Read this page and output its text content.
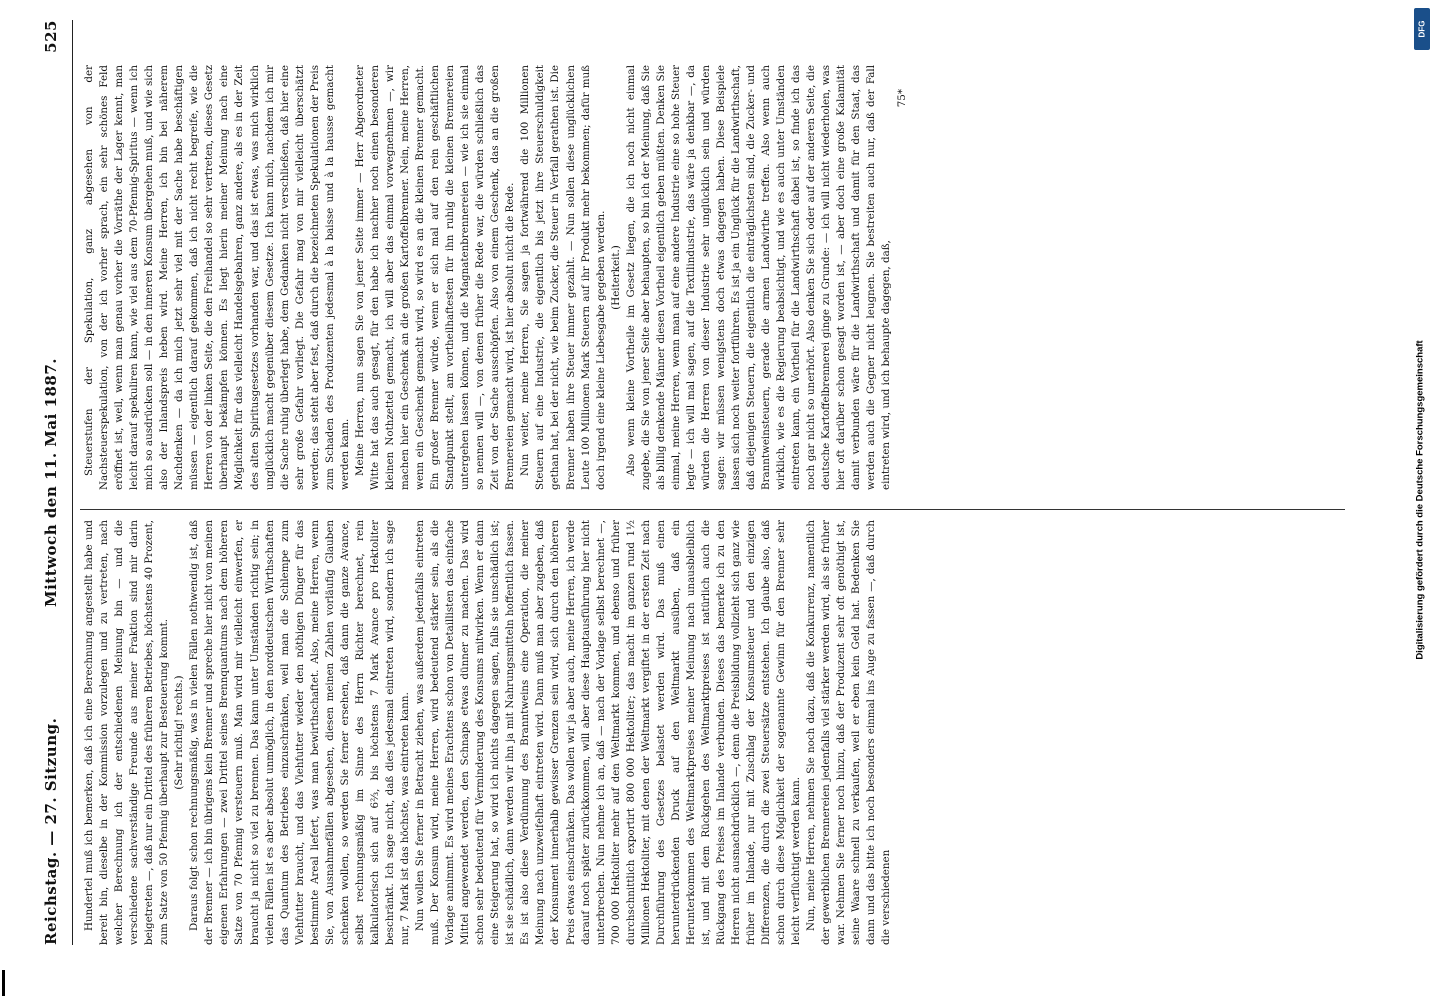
Reichstag. — 27. Sitzung.
Mittwoch den 11. Mai 1887.
525

Hundertel muß ich bemerken, daß ich eine Berechnung angestellt habe und bereit bin, dieselbe in der Kommission vorzulegen und zu vertreten, nach welcher Berechnung ich der entschiedenen Meinung bin — und die verschiedene sachverständige Freunde aus meiner Fraktion sind mir darin beigetreten —, daß nur ein Drittel des früheren Betriebes, höchstens 40 Prozent, zum Satze von 50 Pfennig überhaupt zur Besteuerung kommt. (Sehr richtig! rechts.) Daraus folgt schon rechnungsmäßig, was in vielen Fällen nothwendig ist, daß der Brenner — ich bin übrigens kein Brenner und spreche hier nicht von meinen eigenen Erfahrungen — zwei Drittel seines Brennquantums nach dem höheren Satze von 70 Pfennig versteuern muß. Man wird mir vielleicht einwerfen, er braucht ja nicht so viel zu brennen. Das kann unter Umständen richtig sein; in vielen Fällen ist es aber absolut unmöglich, in den norddeutschen Wirthschaften das Quantum des Betriebes einzuschränken, weil man die Schlempe zum Viehfutter braucht, und das Viehfutter wieder den nöthigen Dünger für das bestimmte Areal liefert, was man bewirthschaftet. Also, meine Herren, wenn Sie, von Ausnahmefällen abgesehen, diesen meinen Zahlen vorläufig Glauben schenken wollen, so werden Sie ferner ersehen, daß dann die ganze Avance, selbst rechnungsmäßig im Sinne des Herrn Richter berechnet, rein kalkulatorisch sich auf 6⅔, bis höchstens 7 Mark Avance pro Hektoliter beschränkt. Ich sage nicht, daß dies jedesmal eintreten wird, sondern ich sage nur, 7 Mark ist das höchste, was eintreten kann. Nun wollen Sie ferner in Betracht ziehen, was außerdem jedenfalls eintreten muß. Der Konsum wird, meine Herren, wird bedeutend stärker sein, als die Vorlage annimmt. Es wird meines Erachtens schon von Detaillisten das einfache Mittel angewendet werden, den Schnaps etwas dünner zu machen. Das wird schon sehr bedeutend für Verminderung des Konsums mitwirken. Wenn er dann eine Steigerung hat, so wird ich nichts dagegen sagen, falls sie unschädlich ist; ist sie schädlich, dann werden wir ihn ja mit Nahrungsmitteln hoffentlich fassen. Es ist also diese Verdünnung des Branntweins eine Operation, die meiner Meinung nach unzweifelhaft eintreten wird. Dann muß man aber zugeben, daß der Konsument innerhalb gewisser Grenzen sein wird, sich durch den höheren Preis etwas einschränken. Das wollen wir ja aber auch, meine Herren, ich werde darauf noch später zurückkommen, will aber diese Hauptausführung hier nicht unterbrechen. Nun nehme ich an, daß — nach der Vorlage selbst berechnet —, 700 000 Hektoliter mehr auf den Weltmarkt kommen, und ebenso und früher durchschnittlich exportirt 800 000 Hektoliter; das macht im ganzen rund 1½ Millionen Hektoliter, mit denen der Weltmarkt vergiftet in der ersten Zeit nach Durchführung des Gesetzes belastet werden wird. Das muß einen herunterdrückenden Druck auf den Weltmarkt ausüben, daß ein Herunterkommen des Weltmarktpreises meiner Meinung nach unausbleiblich ist, und mit dem Rückgehen des Weltmarktpreises ist natürlich auch die Rückgang des Preises im Inlande verbunden. Dieses das bemerke ich zu den Herren nicht ausnachdrücklich —, denn die Preisbildung vollzieht sich ganz wie früher im Inlande, nur mit Zuschlag der Konsumsteuer und den einzigen Differenzen, die durch die zwei Steuersätze entstehen. Ich glaube also, daß schon durch diese Möglichkeit der sogenannte Gewinn für den Brenner sehr leicht verflüchtigt werden kann. Nun, meine Herren, nehmen Sie noch dazu, daß die Konkurrenz, namentlich der gewerblichen Brennereien jedenfalls viel stärker werden wird, als sie früher war. Nehmen Sie ferner noch hinzu, daß der Produzent sehr oft genöthigt ist, seine Waare schnell zu verkaufen, weil er eben kein Geld hat. Bedenken Sie dann und das bitte ich noch besonders einmal ins Auge zu fassen —, daß durch die verschiedenen

Steuerstufen der Spekulation, ganz abgesehen von der Nachsteuerspekulation, von der ich vorher sprach, ein sehr schönes Feld eröffnet ist, weil, wenn man genau vorher die Vorräthe der Lager kennt, man leicht darauf spekuliren kann, wie viel aus dem 70-Pfennig-Spiritus — wenn ich mich so ausdrücken soll — in den inneren Konsum übergehen muß, und wie sich also der Inlandspreis heben wird. Meine Herren, ich bin bei näherem Nachdenken — da ich mich jetzt sehr viel mit der Sache habe beschäftigen müssen — eigentlich darauf gekommen, daß ich nicht recht begreife, wie die Herren von der linken Seite, die den Freihandel so sehr vertreten, dieses Gesetz überhaupt bekämpfen können. Es liegt hierin meiner Meinung nach eine Möglichkeit für das vielleicht Handelsgebahren, ganz andere, als es in der Zeit des alten Spiritusgesetzes vorhanden war, und das ist etwas, was mich wirklich unglücklich macht gegenüber diesem Gesetze. Ich kann mich, nachdem ich mir die Sache ruhig überlegt habe, dem Gedanken nicht verschließen, daß hier eine sehr große Gefahr vorliegt. Die Gefahr mag von mir vielleicht überschätzt werden; das steht aber fest, daß durch die bezeichneten Spekulationen der Preis zum Schaden des Produzenten jedesmal à la baisse und à la hausse gemacht werden kann. Meine Herren, nun sagen Sie von jener Seite immer — Herr Abgeordneter Witte hat das auch gesagt, für den habe ich nachher noch einen besonderen kleinen Nothzettel gemacht, ich will aber das einmal vorwegnehmen —, wir machen hier ein Geschenk an die großen Kartoffelbrenner. Nein, meine Herren, wenn ein Geschenk gemacht wird, so wird es an die kleinen Brenner gemacht. Ein großer Brenner würde, wenn er sich mal auf den rein geschäftlichen Standpunkt stellt, am vortheilhaftesten für ihn ruhig die kleinen Brennereien untergehen lassen können, und die Magnatenbrennereien — wie ich sie einmal so nennen will —, von denen früher die Rede war, die würden schließlich das Zeit von der Sache ausschöpfen. Also von einem Geschenk, das an die großen Brennereien gemacht wird, ist hier absolut nicht die Rede. Nun weiter, meine Herren, Sie sagen ja fortwährend die 100 Millionen Steuern auf eine Industrie, die eigentlich bis jetzt ihre Steuerschuldigkeit gethan hat, bei der nicht, wie beim Zucker, die Steuer in Verfall gerathen ist. Die Brenner haben ihre Steuer immer gezahlt. — Nun sollen diese unglücklichen Leute 100 Millionen Mark Steuern auf ihr Produkt mehr bekommen; dafür muß doch irgend eine kleine Liebesgabe gegeben werden. (Heiterkeit.) Also wenn kleine Vortheile im Gesetz liegen, die ich noch nicht einmal zugebe, die Sie von jener Seite aber behaupten, so bin ich der Meinung, daß Sie als billig denkende Männer diesen Vortheil eigentlich geben müßten. Denken Sie einmal, meine Herren, wenn man auf eine andere Industrie eine so hohe Steuer legte — ich will mal sagen, auf die Textilindustrie, das wäre ja denkbar —, da würden die Herren von dieser Industrie sehr unglücklich sein und würden sagen: wir müssen wenigstens doch etwas dagegen haben. Diese Beispiele lassen sich noch weiter fortführen. Es ist ja ein Unglück für die Landwirthschaft, daß diejenigen Steuern, die eigentlich die einträglichsten sind, die Zucker- und Branntweinsteuern, gerade die armen Landwirthe treffen. Also wenn auch wirklich, wie es die Regierung beabsichtigt, und wie es auch unter Umständen eintreten kann, ein Vortheil für die Landwirthschaft dabei ist, so finde ich das noch gar nicht so unerhört. Also denken Sie sich oder auf der anderen Seite, die deutsche Kartoffelbrennerei ginge zu Grunde: — ich will nicht wiederholen, was hier oft darüber schon gesagt worden ist, — aber doch eine große Kalamität damit verbunden wäre für die Landwirthschaft und damit für den Staat, das werden auch die Gegner nicht leugnen. Sie bestreiten auch nur, daß der Fall eintreten wird, und ich behaupte dagegen, daß,

75*

Digitalisierung gefördert durch die Deutsche Forschungsgemeinschaft
DFG
